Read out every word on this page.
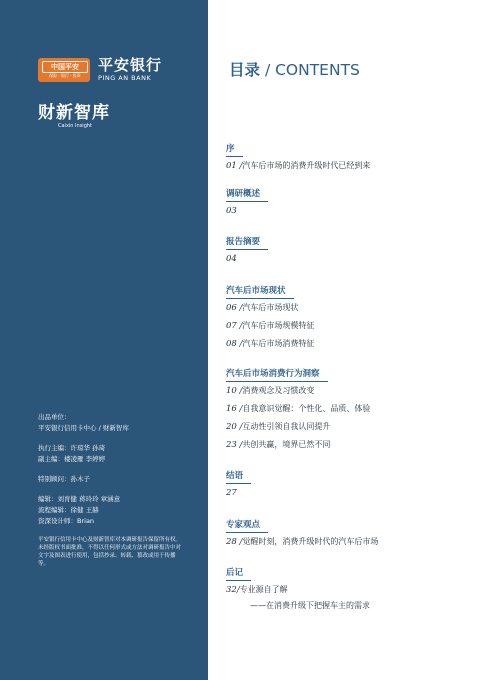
中国平安
保险 · 银行 · 投资
平安银行
PING AN BANK
财新智库
Caixin Insight
出品单位：
平安银行信用卡中心 / 财新智库
执行主编：许琼华 孙琦
副主编：楼凌雁 李婷婷
特别顾问：孙木子
编辑：刘育健 蒋玲玲 章涵意
流程编辑：徐健 王赫
资深设计师：Brian
平安银行信用卡中心及财新智库对本调研报告保留所有权。未经版权书面批准，不得以任何形式或方法对调研报告中对文字及图表进行使用，包括抄录、转载、篡改或用于传播等。
目录 / CONTENTS
序
01 /汽车后市场的消费升级时代已经到来
调研概述
03
报告摘要
04
汽车后市场现状
06 /汽车后市场现状
07 /汽车后市场规模特征
08 /汽车后市场消费特征
汽车后市场消费行为洞察
10 /消费观念及习惯改变
16 /自我意识觉醒：个性化、品质、体验
20 /互动性引领自我认同提升
23 /共创共赢，境界已然不同
结语
27
专家观点
28 /觉醒时刻，消费升级时代的汽车后市场
后记
32/专业源自了解
——在消费升级下把握车主的需求
